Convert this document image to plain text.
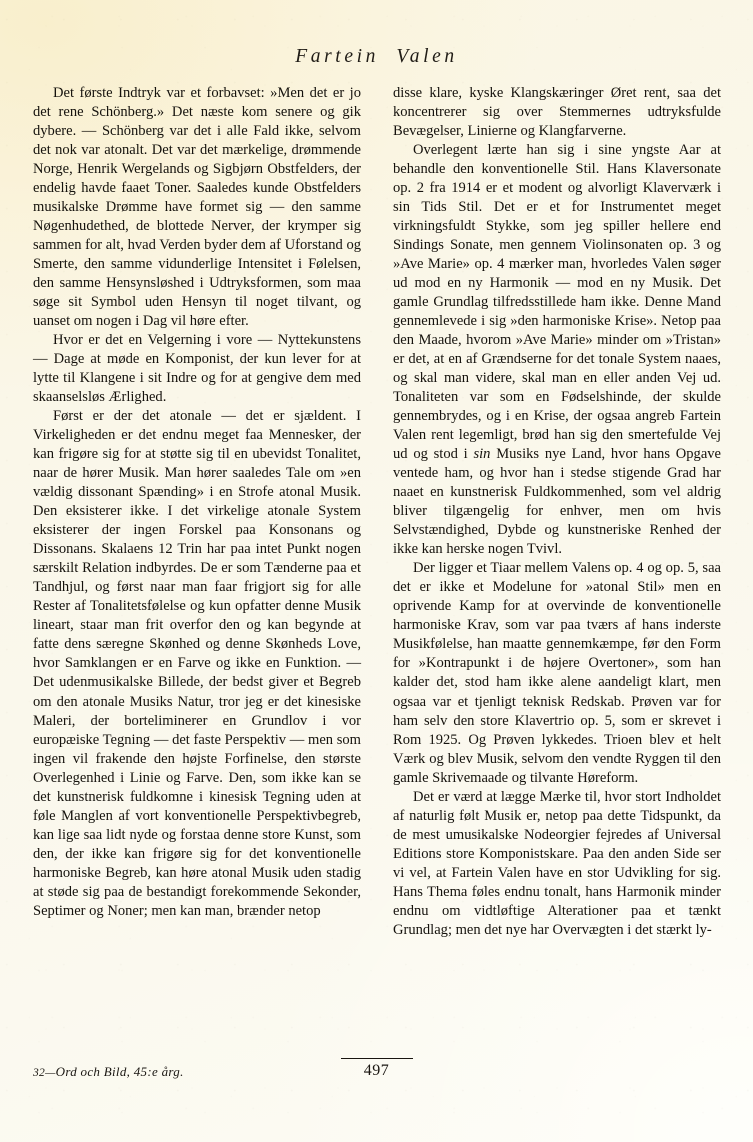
Fartein Valen

Det første Indtryk var et forbavset: »Men det er jo det rene Schönberg.» Det næste kom senere og gik dybere. — Schönberg var det i alle Fald ikke, selvom det nok var atonalt. Det var det mærkelige, drømmende Norge, Henrik Wergelands og Sigbjørn Obstfelders, der endelig havde faaet Toner. Saaledes kunde Obstfelders musikalske Drømme have formet sig — den samme Nøgenhudethed, de blottede Nerver, der krymper sig sammen for alt, hvad Verden byder dem af Uforstand og Smerte, den samme vidunderlige Intensitet i Følelsen, den samme Hensynsløshed i Udtryksformen, som maa søge sit Symbol uden Hensyn til noget tilvant, og uanset om nogen i Dag vil høre efter.

Hvor er det en Velgerning i vore — Nyttekunstens — Dage at møde en Komponist, der kun lever for at lytte til Klangene i sit Indre og for at gengive dem med skaanselsløs Ærlighed.

Først er der det atonale — det er sjældent. I Virkeligheden er det endnu meget faa Mennesker, der kan frigøre sig for at støtte sig til en ubevidst Tonalitet, naar de hører Musik. Man hører saaledes Tale om »en vældig dissonant Spænding» i en Strofe atonal Musik. Den eksisterer ikke. I det virkelige atonale System eksisterer der ingen Forskel paa Konsonans og Dissonans. Skalaens 12 Trin har paa intet Punkt nogen særskilt Relation indbyrdes. De er som Tænderne paa et Tandhjul, og først naar man faar frigjort sig for alle Rester af Tonalitetsfølelse og kun opfatter denne Musik lineart, staar man frit overfor den og kan begynde at fatte dens særegne Skønhed og denne Skønheds Love, hvor Samklangen er en Farve og ikke en Funktion. — Det udenmusikalske Billede, der bedst giver et Begreb om den atonale Musiks Natur, tror jeg er det kinesiske Maleri, der borteliminerer en Grundlov i vor europæiske Tegning — det faste Perspektiv — men som ingen vil frakende den højste Forfinelse, den største Overlegenhed i Linie og Farve. Den, som ikke kan se det kunstnerisk fuldkomne i kinesisk Tegning uden at føle Manglen af vort konventionelle Perspektivbegreb, kan lige saa lidt nyde og forstaa denne store Kunst, som den, der ikke kan frigøre sig for det konventionelle harmoniske Begreb, kan høre atonal Musik uden stadig at støde sig paa de bestandigt forekommende Sekonder, Septimer og Noner; men kan man, brænder netop

disse klare, kyske Klangskæringer Øret rent, saa det koncentrerer sig over Stemmernes udtryksfulde Bevægelser, Linierne og Klangfarverne.

Overlegent lærte han sig i sine yngste Aar at behandle den konventionelle Stil. Hans Klaversonate op. 2 fra 1914 er et modent og alvorligt Klaverværk i sin Tids Stil. Det er et for Instrumentet meget virkningsfuldt Stykke, som jeg spiller hellere end Sindings Sonate, men gennem Violinsonaten op. 3 og »Ave Marie» op. 4 mærker man, hvorledes Valen søger ud mod en ny Harmonik — mod en ny Musik. Det gamle Grundlag tilfredsstillede ham ikke. Denne Mand gennemlevede i sig »den harmoniske Krise». Netop paa den Maade, hvorom »Ave Marie» minder om »Tristan» er det, at en af Grændserne for det tonale System naaes, og skal man videre, skal man en eller anden Vej ud. Tonaliteten var som en Fødselshinde, der skulde gennembrydes, og i en Krise, der ogsaa angreb Fartein Valen rent legemligt, brød han sig den smertefulde Vej ud og stod i sin Musiks nye Land, hvor hans Opgave ventede ham, og hvor han i stedse stigende Grad har naaet en kunstnerisk Fuldkommenhed, som vel aldrig bliver tilgængelig for enhver, men om hvis Selvstændighed, Dybde og kunstneriske Renhed der ikke kan herske nogen Tvivl.

Der ligger et Tiaar mellem Valens op. 4 og op. 5, saa det er ikke et Modelune for »atonal Stil» men en oprivende Kamp for at overvinde de konventionelle harmoniske Krav, som var paa tværs af hans inderste Musikfølelse, han maatte gennemkæmpe, før den Form for »Kontrapunkt i de højere Overtoner», som han kalder det, stod ham ikke alene aandeligt klart, men ogsaa var et tjenligt teknisk Redskab. Prøven var for ham selv den store Klavertrio op. 5, som er skrevet i Rom 1925. Og Prøven lykkedes. Trioen blev et helt Værk og blev Musik, selvom den vendte Ryggen til den gamle Skrivemaade og tilvante Høreform.

Det er værd at lægge Mærke til, hvor stort Indholdet af naturlig følt Musik er, netop paa dette Tidspunkt, da de mest umusikalske Nodeorgier fejredes af Universal Editions store Komponistskare. Paa den anden Side ser vi vel, at Fartein Valen have en stor Udvikling for sig. Hans Thema føles endnu tonalt, hans Harmonik minder endnu om vidtløftige Alterationer paa et tænkt Grundlag; men det nye har Overvægten i det stærkt ly-

32—Ord och Bild, 45:e årg.	497
